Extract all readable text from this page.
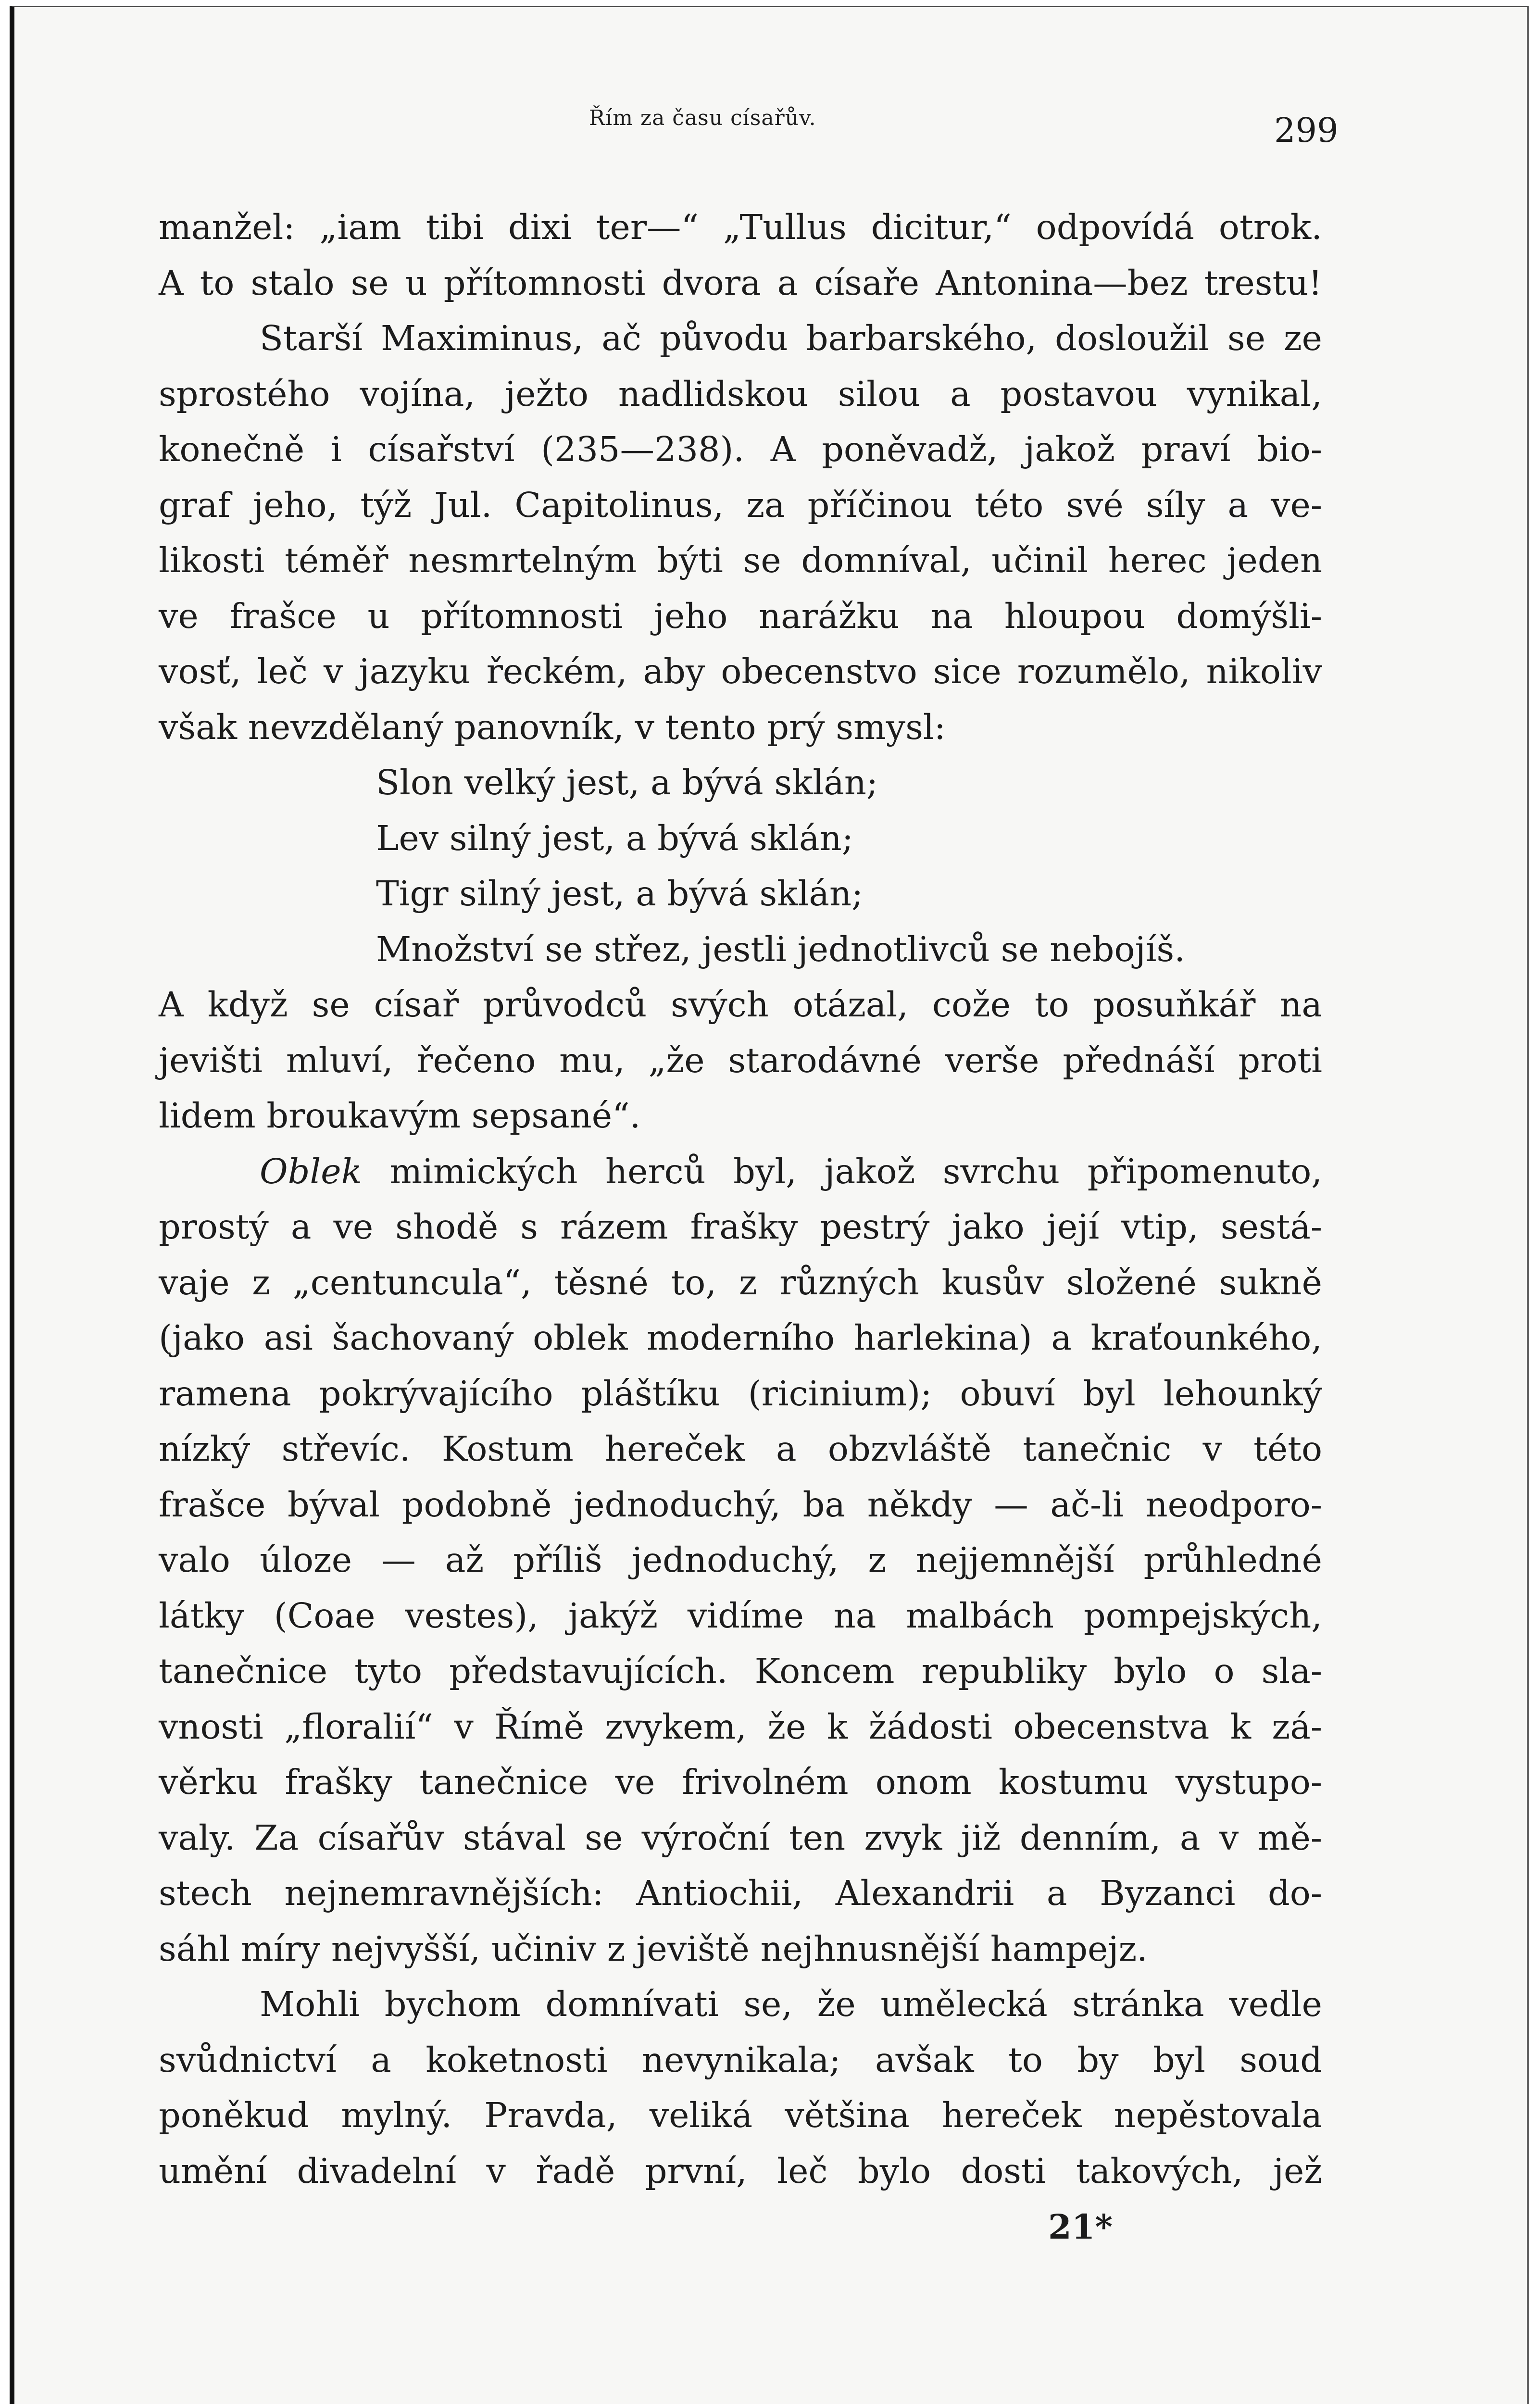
Řím za času císařův.	299
manžel: „iam tibi dixi ter—“ „Tullus dicitur,“ odpovídá otrok.
A to stalo se u přítomnosti dvora a císaře Antonina—bez trestu!
Starší Maximinus, ač původu barbarského, dosloužil se ze
sprostého vojína, ježto nadlidskou silou a postavou vynikal,
konečně i císařství (235—238). A poněvadž, jakož praví bio-
graf jeho, týž Jul. Capitolinus, za příčinou této své síly a ve-
likosti téměř nesmrtelným býti se domníval, učinil herec jeden
ve frašce u přítomnosti jeho narážku na hloupou domýšli-
vosť, leč v jazyku řeckém, aby obecenstvo sice rozumělo, nikoliv
však nevzdělaný panovník, v tento prý smysl:
Slon velký jest, a bývá sklán;
Lev silný jest, a bývá sklán;
Tigr silný jest, a bývá sklán;
Množství se střez, jestli jednotlivců se nebojíš.
A když se císař průvodců svých otázal, cože to posuňkář na
jevišti mluví, řečeno mu, „že starodávné verše přednáší proti
lidem broukavým sepsané“.
Oblek mimických herců byl, jakož svrchu připomenuto,
prostý a ve shodě s rázem frašky pestrý jako její vtip, sestá-
vaje z „centuncula“, těsné to, z různých kusův složené sukně
(jako asi šachovaný oblek moderního harlekina) a kraťounkého,
ramena pokrývajícího pláštíku (ricinium); obuví byl lehounký
nízký střevíc. Kostum hereček a obzvláště tanečnic v této
frašce býval podobně jednoduchý, ba někdy — ač-li neodporo-
valo úloze — až příliš jednoduchý, z nejjemnější průhledné
látky (Coae vestes), jakýž vidíme na malbách pompejských,
tanečnice tyto představujících. Koncem republiky bylo o sla-
vnosti „floralií“ v Římě zvykem, že k žádosti obecenstva k zá-
věrku frašky tanečnice ve frivolném onom kostumu vystupo-
valy. Za císařův stával se výroční ten zvyk již denním, a v mě-
stech nejnemravnějších: Antiochii, Alexandrii a Byzanci do-
sáhl míry nejvyšší, učiniv z jeviště nejhnusnější hampejz.
Mohli bychom domnívati se, že umělecká stránka vedle
svůdnictví a koketnosti nevynikala; avšak to by byl soud
poněkud mylný. Pravda, veliká většina hereček nepěstovala
umění divadelní v řadě první, leč bylo dosti takových, jež
21*
